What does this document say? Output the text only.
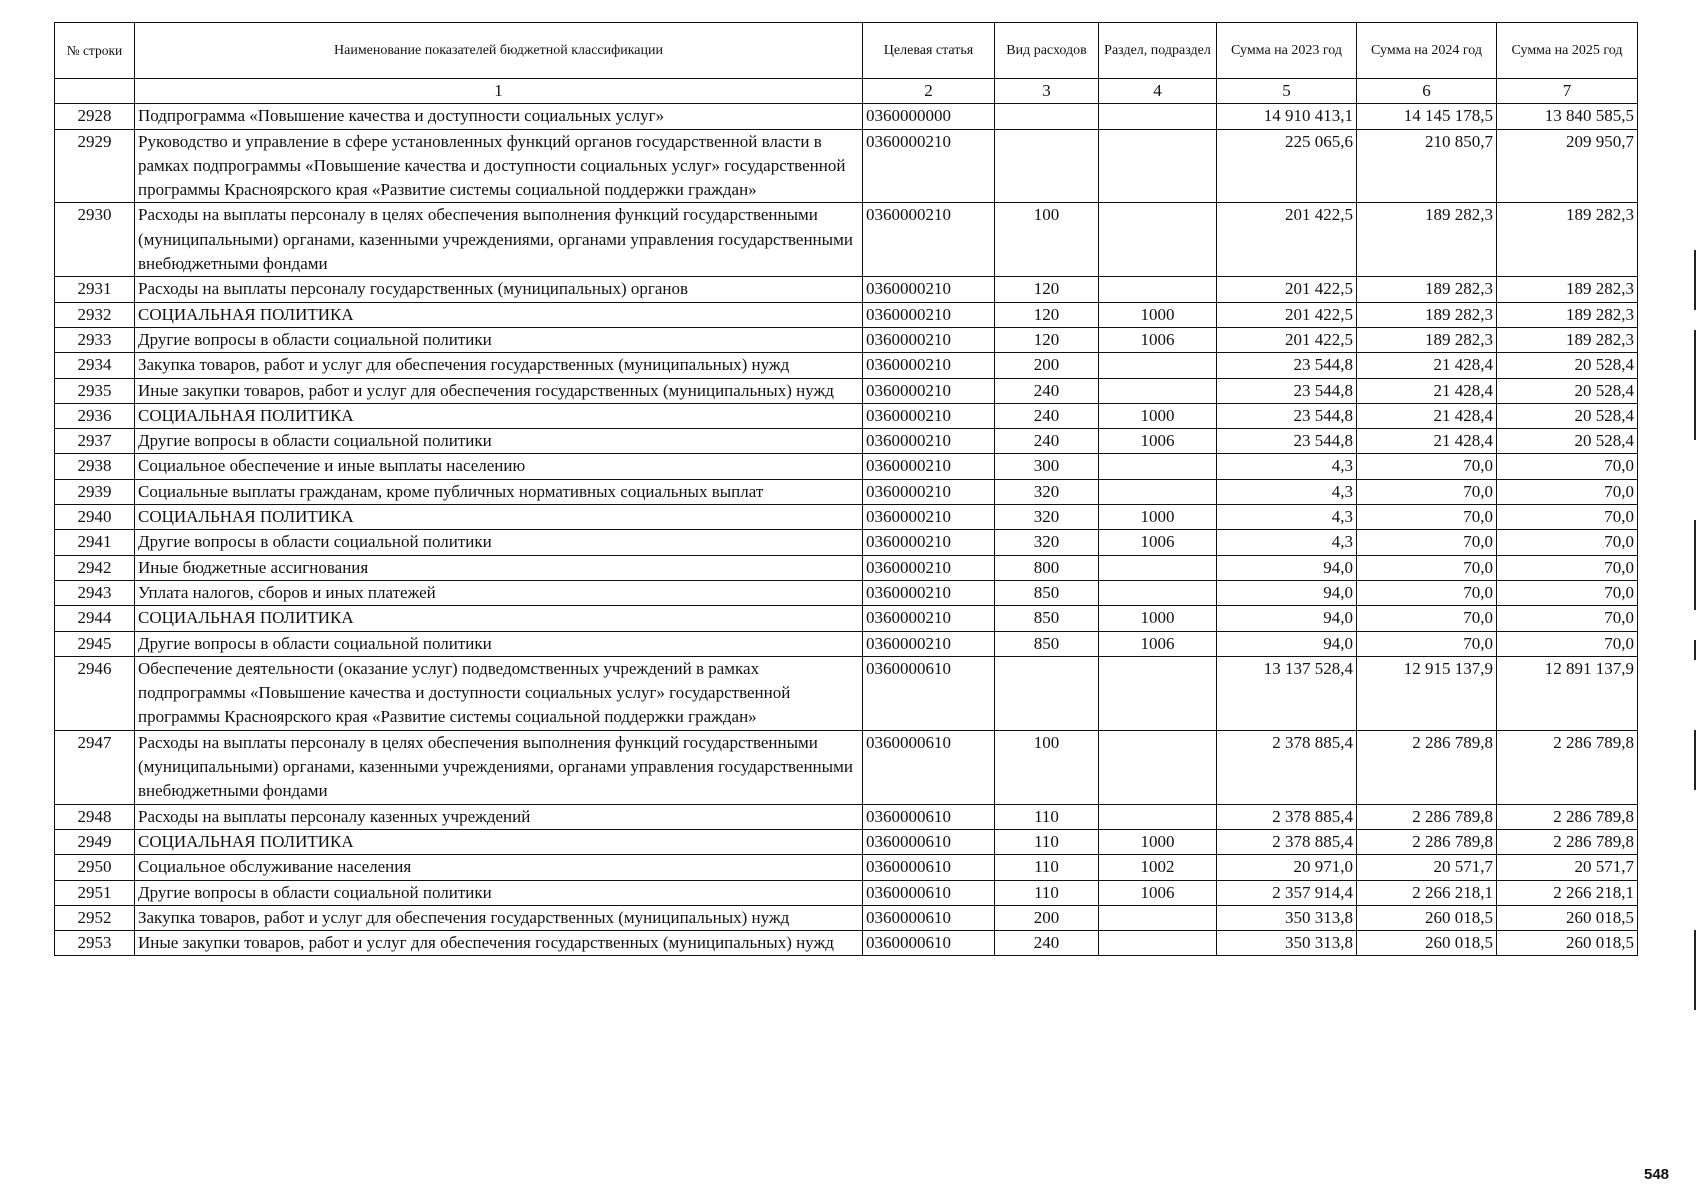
№ строки	Наименование показателей бюджетной классификации	Целевая статья	Вид расходов	Раздел, подраздел	Сумма на 2023 год	Сумма на 2024 год	Сумма на 2025 год
	1	2	3	4	5	6	7
2928	Подпрограмма «Повышение качества и доступности социальных услуг»	0360000000			14 910 413,1	14 145 178,5	13 840 585,5
2929	Руководство и управление в сфере установленных функций органов государственной власти в рамках подпрограммы «Повышение качества и доступности социальных услуг» государственной программы Красноярского края «Развитие системы социальной поддержки граждан»	0360000210			225 065,6	210 850,7	209 950,7
2930	Расходы на выплаты персоналу в целях обеспечения выполнения функций государственными (муниципальными) органами, казенными учреждениями, органами управления государственными внебюджетными фондами	0360000210	100		201 422,5	189 282,3	189 282,3
2931	Расходы на выплаты персоналу государственных (муниципальных) органов	0360000210	120		201 422,5	189 282,3	189 282,3
2932	СОЦИАЛЬНАЯ ПОЛИТИКА	0360000210	120	1000	201 422,5	189 282,3	189 282,3
2933	Другие вопросы в области социальной политики	0360000210	120	1006	201 422,5	189 282,3	189 282,3
2934	Закупка товаров, работ и услуг для обеспечения государственных (муниципальных) нужд	0360000210	200		23 544,8	21 428,4	20 528,4
2935	Иные закупки товаров, работ и услуг для обеспечения государственных (муниципальных) нужд	0360000210	240		23 544,8	21 428,4	20 528,4
2936	СОЦИАЛЬНАЯ ПОЛИТИКА	0360000210	240	1000	23 544,8	21 428,4	20 528,4
2937	Другие вопросы в области социальной политики	0360000210	240	1006	23 544,8	21 428,4	20 528,4
2938	Социальное обеспечение и иные выплаты населению	0360000210	300		4,3	70,0	70,0
2939	Социальные выплаты гражданам, кроме публичных нормативных социальных выплат	0360000210	320		4,3	70,0	70,0
2940	СОЦИАЛЬНАЯ ПОЛИТИКА	0360000210	320	1000	4,3	70,0	70,0
2941	Другие вопросы в области социальной политики	0360000210	320	1006	4,3	70,0	70,0
2942	Иные бюджетные ассигнования	0360000210	800		94,0	70,0	70,0
2943	Уплата налогов, сборов и иных платежей	0360000210	850		94,0	70,0	70,0
2944	СОЦИАЛЬНАЯ ПОЛИТИКА	0360000210	850	1000	94,0	70,0	70,0
2945	Другие вопросы в области социальной политики	0360000210	850	1006	94,0	70,0	70,0
2946	Обеспечение деятельности (оказание услуг) подведомственных учреждений в рамках подпрограммы «Повышение качества и доступности социальных услуг» государственной программы Красноярского края «Развитие системы социальной поддержки граждан»	0360000610			13 137 528,4	12 915 137,9	12 891 137,9
2947	Расходы на выплаты персоналу в целях обеспечения выполнения функций государственными (муниципальными) органами, казенными учреждениями, органами управления государственными внебюджетными фондами	0360000610	100		2 378 885,4	2 286 789,8	2 286 789,8
2948	Расходы на выплаты персоналу казенных учреждений	0360000610	110		2 378 885,4	2 286 789,8	2 286 789,8
2949	СОЦИАЛЬНАЯ ПОЛИТИКА	0360000610	110	1000	2 378 885,4	2 286 789,8	2 286 789,8
2950	Социальное обслуживание населения	0360000610	110	1002	20 971,0	20 571,7	20 571,7
2951	Другие вопросы в области социальной политики	0360000610	110	1006	2 357 914,4	2 266 218,1	2 266 218,1
2952	Закупка товаров, работ и услуг для обеспечения государственных (муниципальных) нужд	0360000610	200		350 313,8	260 018,5	260 018,5
2953	Иные закупки товаров, работ и услуг для обеспечения государственных (муниципальных) нужд	0360000610	240		350 313,8	260 018,5	260 018,5
548
